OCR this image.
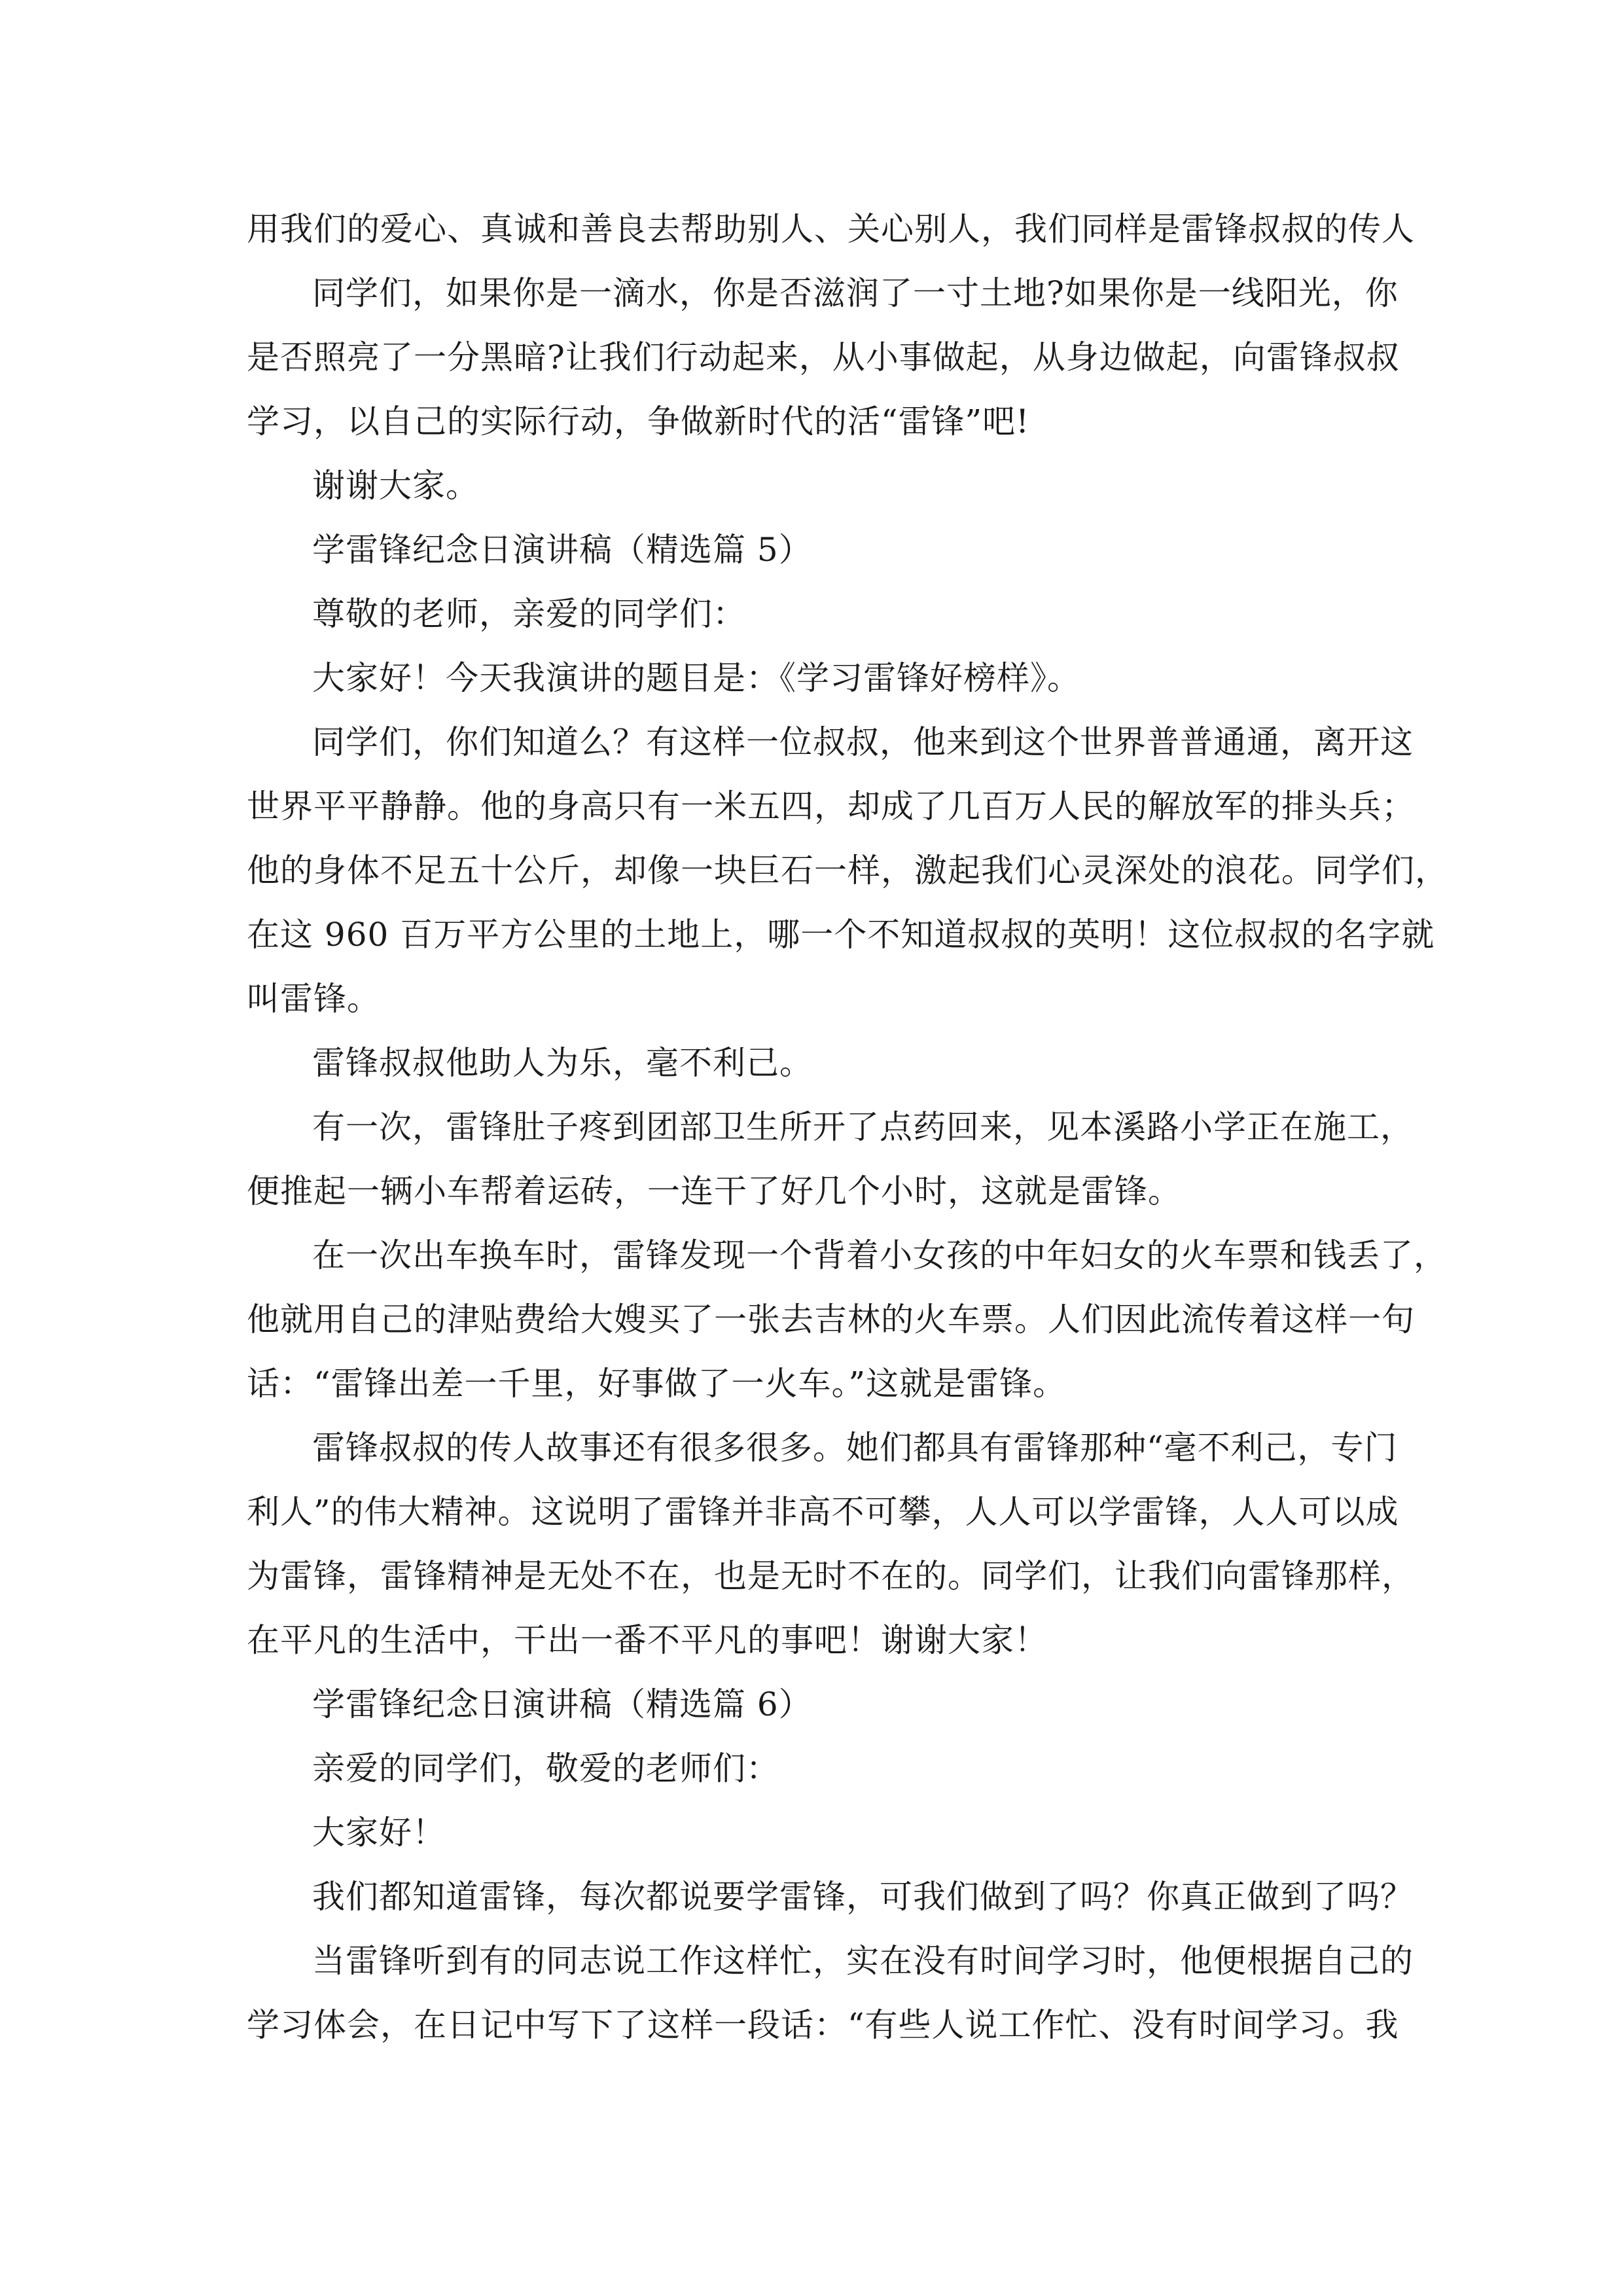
用我们的爱心、真诚和善良去帮助别人、关心别人，我们同样是雷锋叔叔的传人
同学们，如果你是一滴水，你是否滋润了一寸土地?如果你是一线阳光，你
是否照亮了一分黑暗?让我们行动起来，从小事做起，从身边做起，向雷锋叔叔
学习，以自己的实际行动，争做新时代的活“雷锋”吧!
谢谢大家。
学雷锋纪念日演讲稿（精选篇 5）
尊敬的老师，亲爱的同学们：
大家好！今天我演讲的题目是：《学习雷锋好榜样》。
同学们，你们知道么？有这样一位叔叔，他来到这个世界普普通通，离开这
世界平平静静。他的身高只有一米五四，却成了几百万人民的解放军的排头兵；
他的身体不足五十公斤，却像一块巨石一样，激起我们心灵深处的浪花。同学们，
在这 960 百万平方公里的土地上，哪一个不知道叔叔的英明！这位叔叔的名字就
叫雷锋。
雷锋叔叔他助人为乐，毫不利己。
有一次，雷锋肚子疼到团部卫生所开了点药回来，见本溪路小学正在施工，
便推起一辆小车帮着运砖，一连干了好几个小时，这就是雷锋。
在一次出车换车时，雷锋发现一个背着小女孩的中年妇女的火车票和钱丢了，
他就用自己的津贴费给大嫂买了一张去吉林的火车票。人们因此流传着这样一句
话：“雷锋出差一千里，好事做了一火车。”这就是雷锋。
雷锋叔叔的传人故事还有很多很多。她们都具有雷锋那种“毫不利己，专门
利人”的伟大精神。这说明了雷锋并非高不可攀，人人可以学雷锋，人人可以成
为雷锋，雷锋精神是无处不在，也是无时不在的。同学们，让我们向雷锋那样，
在平凡的生活中，干出一番不平凡的事吧！谢谢大家！
学雷锋纪念日演讲稿（精选篇 6）
亲爱的同学们，敬爱的老师们：
大家好！
我们都知道雷锋，每次都说要学雷锋，可我们做到了吗？你真正做到了吗？
当雷锋听到有的同志说工作这样忙，实在没有时间学习时，他便根据自己的
学习体会，在日记中写下了这样一段话：“有些人说工作忙、没有时间学习。我
